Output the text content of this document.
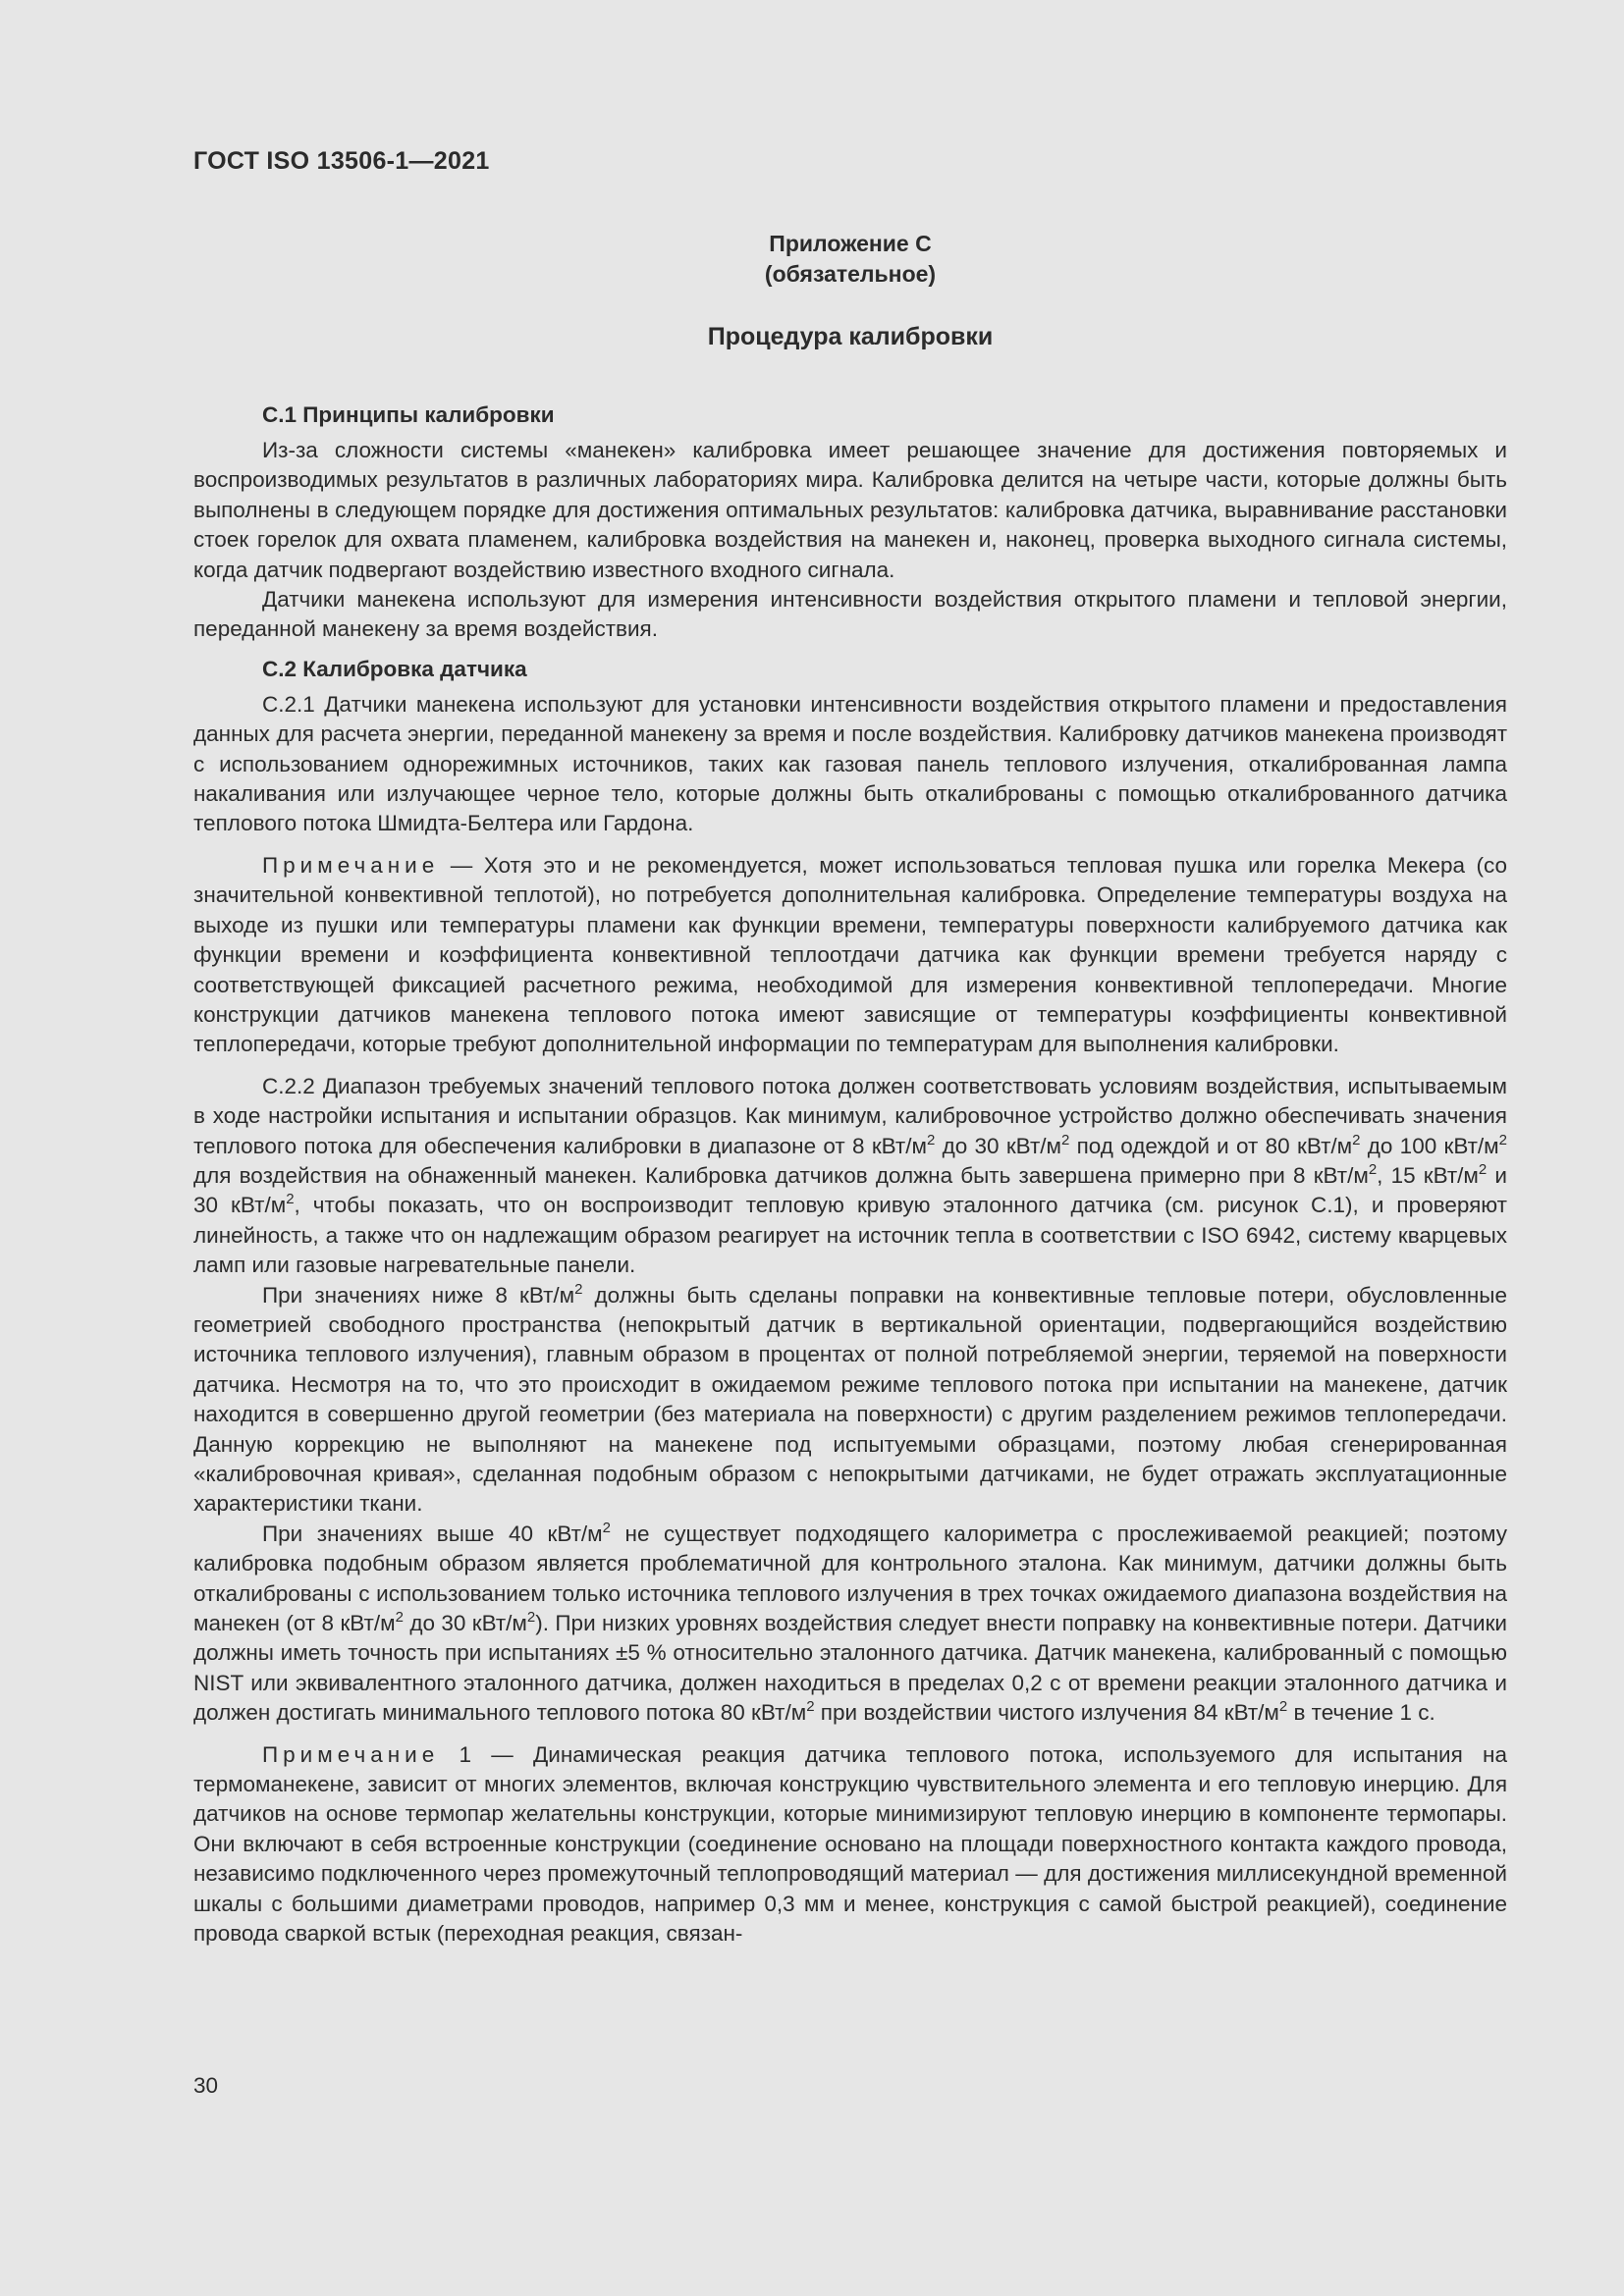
ГОСТ ISO 13506-1—2021
Приложение С
(обязательное)
Процедура калибровки
С.1 Принципы калибровки

Из-за сложности системы «манекен» калибровка имеет решающее значение для достижения повторяемых и воспроизводимых результатов в различных лабораториях мира. Калибровка делится на четыре части, которые должны быть выполнены в следующем порядке для достижения оптимальных результатов: калибровка датчика, выравнивание расстановки стоек горелок для охвата пламенем, калибровка воздействия на манекен и, наконец, проверка выходного сигнала системы, когда датчик подвергают воздействию известного входного сигнала.

Датчики манекена используют для измерения интенсивности воздействия открытого пламени и тепловой энергии, переданной манекену за время воздействия.

С.2 Калибровка датчика

С.2.1 Датчики манекена используют для установки интенсивности воздействия открытого пламени и предоставления данных для расчета энергии, переданной манекену за время и после воздействия. Калибровку датчиков манекена производят с использованием однорежимных источников, таких как газовая панель теплового излучения, откалиброванная лампа накаливания или излучающее черное тело, которые должны быть откалиброваны с помощью откалиброванного датчика теплового потока Шмидта-Белтера или Гардона.

Примечание — Хотя это и не рекомендуется, может использоваться тепловая пушка или горелка Мекера (со значительной конвективной теплотой), но потребуется дополнительная калибровка. Определение температуры воздуха на выходе из пушки или температуры пламени как функции времени, температуры поверхности калибруемого датчика как функции времени и коэффициента конвективной теплоотдачи датчика как функции времени требуется наряду с соответствующей фиксацией расчетного режима, необходимой для измерения конвективной теплопередачи. Многие конструкции датчиков манекена теплового потока имеют зависящие от температуры коэффициенты конвективной теплопередачи, которые требуют дополнительной информации по температурам для выполнения калибровки.

С.2.2 Диапазон требуемых значений теплового потока должен соответствовать условиям воздействия, испытываемым в ходе настройки испытания и испытании образцов. Как минимум, калибровочное устройство должно обеспечивать значения теплового потока для обеспечения калибровки в диапазоне от 8 кВт/$м^2$ до 30 кВт/$м^2$ под одеждой и от 80 кВт/$м^2$ до 100 кВт/$м^2$ для воздействия на обнаженный манекен. Калибровка датчиков должна быть завершена примерно при 8 кВт/$м^2$, 15 кВт/$м^2$ и 30 кВт/$м^2$, чтобы показать, что он воспроизводит тепловую кривую эталонного датчика (см. рисунок С.1), и проверяют линейность, а также что он надлежащим образом реагирует на источник тепла в соответствии с ISO 6942, систему кварцевых ламп или газовые нагревательные панели.

При значениях ниже 8 кВт/$м^2$ должны быть сделаны поправки на конвективные тепловые потери, обусловленные геометрией свободного пространства (непокрытый датчик в вертикальной ориентации, подвергающийся воздействию источника теплового излучения), главным образом в процентах от полной потребляемой энергии, теряемой на поверхности датчика. Несмотря на то, что это происходит в ожидаемом режиме теплового потока при испытании на манекене, датчик находится в совершенно другой геометрии (без материала на поверхности) с другим разделением режимов теплопередачи. Данную коррекцию не выполняют на манекене под испытуемыми образцами, поэтому любая сгенерированная «калибровочная кривая», сделанная подобным образом с непокрытыми датчиками, не будет отражать эксплуатационные характеристики ткани.

При значениях выше 40 кВт/$м^2$ не существует подходящего калориметра с прослеживаемой реакцией; поэтому калибровка подобным образом является проблематичной для контрольного эталона. Как минимум, датчики должны быть откалиброваны с использованием только источника теплового излучения в трех точках ожидаемого диапазона воздействия на манекен (от 8 кВт/$м^2$ до 30 кВт/$м^2$). При низких уровнях воздействия следует внести поправку на конвективные потери. Датчики должны иметь точность при испытаниях ±5 % относительно эталонного датчика. Датчик манекена, калиброванный с помощью NIST или эквивалентного эталонного датчика, должен находиться в пределах 0,2 с от времени реакции эталонного датчика и должен достигать минимального теплового потока 80 кВт/$м^2$ при воздействии чистого излучения 84 кВт/$м^2$ в течение 1 с.

Примечание 1 — Динамическая реакция датчика теплового потока, используемого для испытания на термоманекене, зависит от многих элементов, включая конструкцию чувствительного элемента и его тепловую инерцию. Для датчиков на основе термопар желательны конструкции, которые минимизируют тепловую инерцию в компоненте термопары. Они включают в себя встроенные конструкции (соединение основано на площади поверхностного контакта каждого провода, независимо подключенного через промежуточный теплопроводящий материал — для достижения миллисекундной временной шкалы с большими диаметрами проводов, например 0,3 мм и менее, конструкция с самой быстрой реакцией), соединение провода сваркой встык (переходная реакция, связан-

30
